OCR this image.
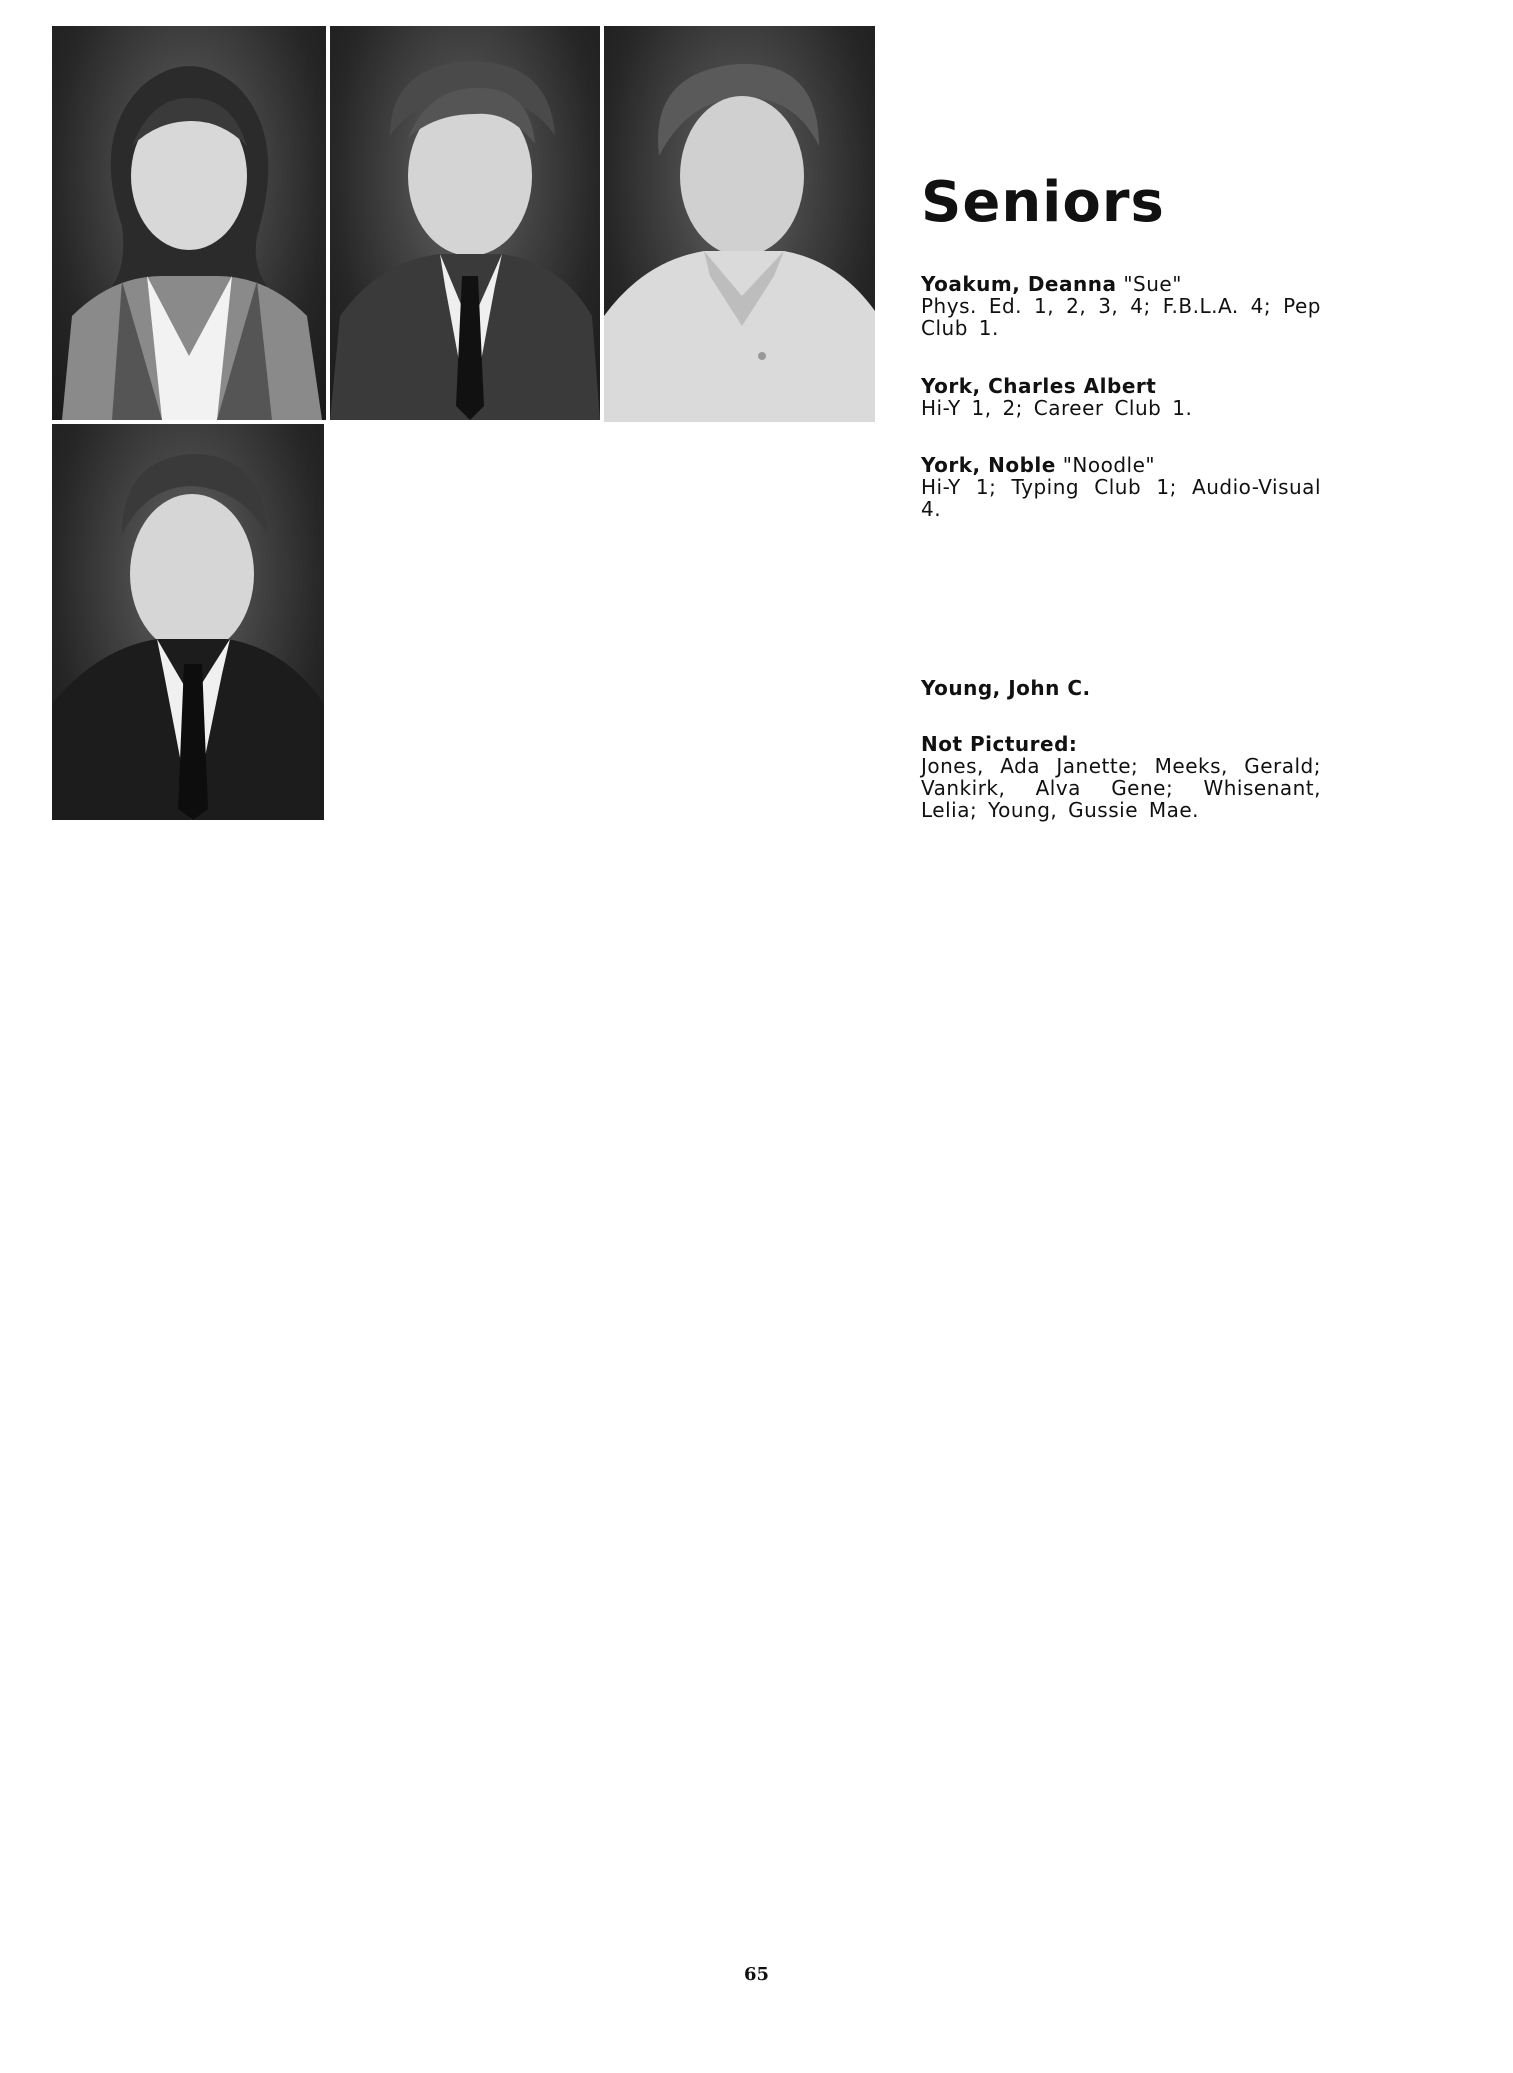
Seniors
Yoakum, Deanna "Sue"
Phys. Ed. 1, 2, 3, 4; F.B.L.A. 4; Pep Club 1.
York, Charles Albert
Hi-Y 1, 2; Career Club 1.
York, Noble "Noodle"
Hi-Y 1; Typing Club 1; Audio-Visual 4.
Young, John C.
Not Pictured:
Jones, Ada Janette; Meeks, Gerald; Vankirk, Alva Gene; Whisenant, Lelia; Young, Gussie Mae.
65
